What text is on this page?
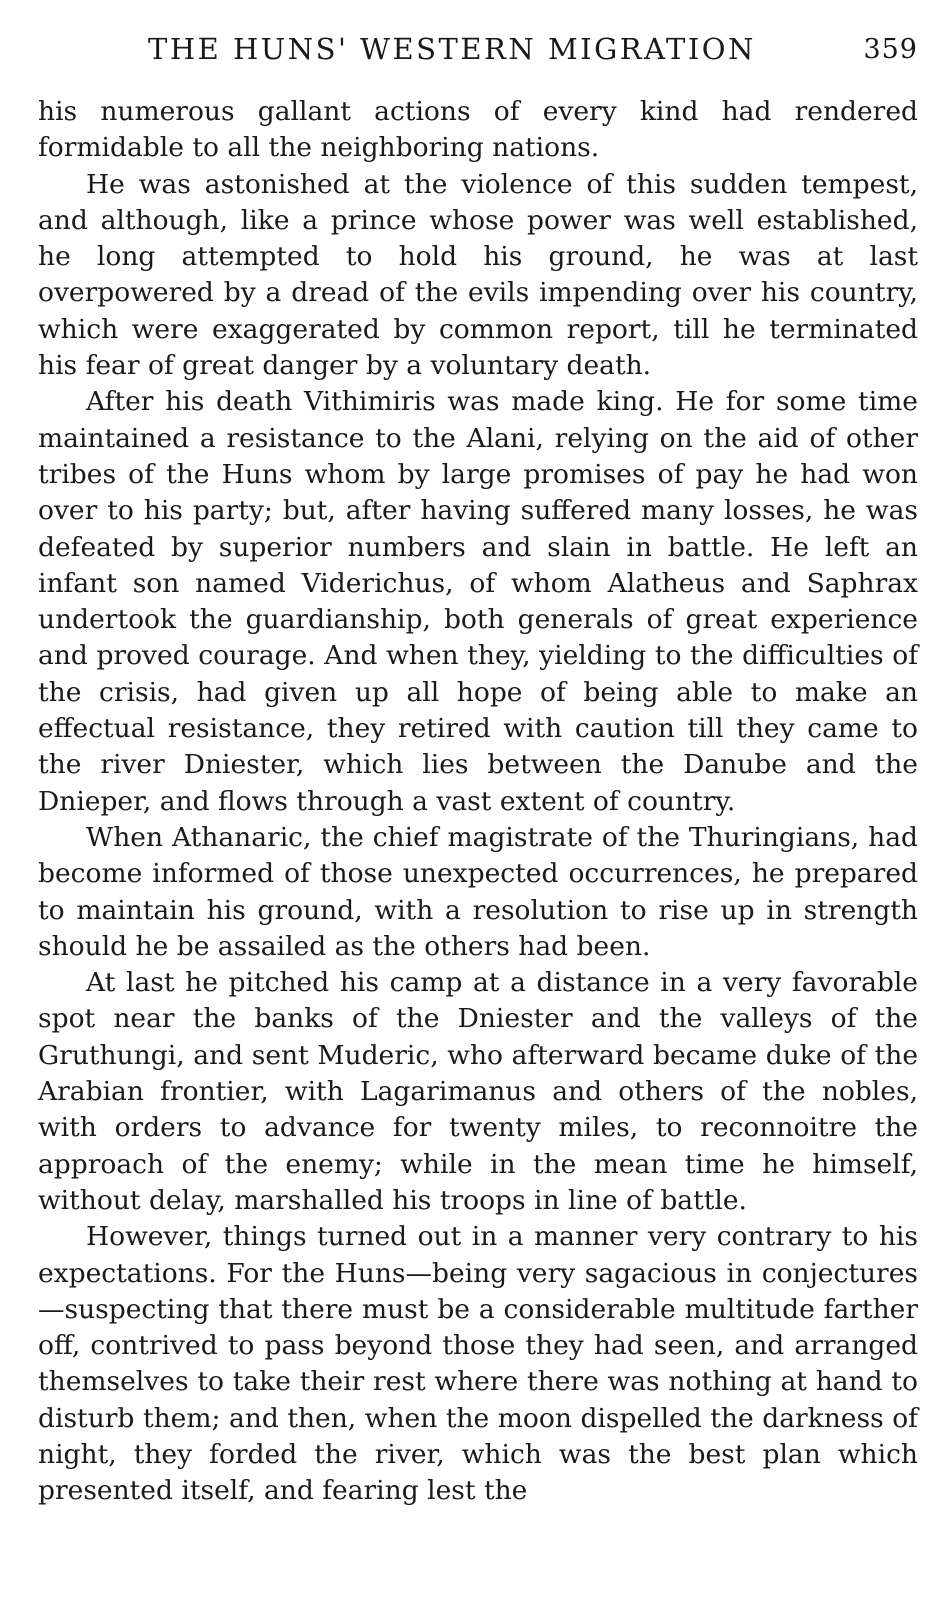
THE HUNS' WESTERN MIGRATION	359

his numerous gallant actions of every kind had rendered formidable to all the neighboring nations.

He was astonished at the violence of this sudden tempest, and although, like a prince whose power was well established, he long attempted to hold his ground, he was at last overpowered by a dread of the evils impending over his country, which were exaggerated by common report, till he terminated his fear of great danger by a voluntary death.

After his death Vithimiris was made king. He for some time maintained a resistance to the Alani, relying on the aid of other tribes of the Huns whom by large promises of pay he had won over to his party; but, after having suffered many losses, he was defeated by superior numbers and slain in battle. He left an infant son named Viderichus, of whom Alatheus and Saphrax undertook the guardianship, both generals of great experience and proved courage. And when they, yielding to the difficulties of the crisis, had given up all hope of being able to make an effectual resistance, they retired with caution till they came to the river Dniester, which lies between the Danube and the Dnieper, and flows through a vast extent of country.

When Athanaric, the chief magistrate of the Thuringians, had become informed of those unexpected occurrences, he prepared to maintain his ground, with a resolution to rise up in strength should he be assailed as the others had been.

At last he pitched his camp at a distance in a very favorable spot near the banks of the Dniester and the valleys of the Gruthungi, and sent Muderic, who afterward became duke of the Arabian frontier, with Lagarimanus and others of the nobles, with orders to advance for twenty miles, to reconnoitre the approach of the enemy; while in the mean time he himself, without delay, marshalled his troops in line of battle.

However, things turned out in a manner very contrary to his expectations. For the Huns—being very sagacious in conjectures—suspecting that there must be a considerable multitude farther off, contrived to pass beyond those they had seen, and arranged themselves to take their rest where there was nothing at hand to disturb them; and then, when the moon dispelled the darkness of night, they forded the river, which was the best plan which presented itself, and fearing lest the
